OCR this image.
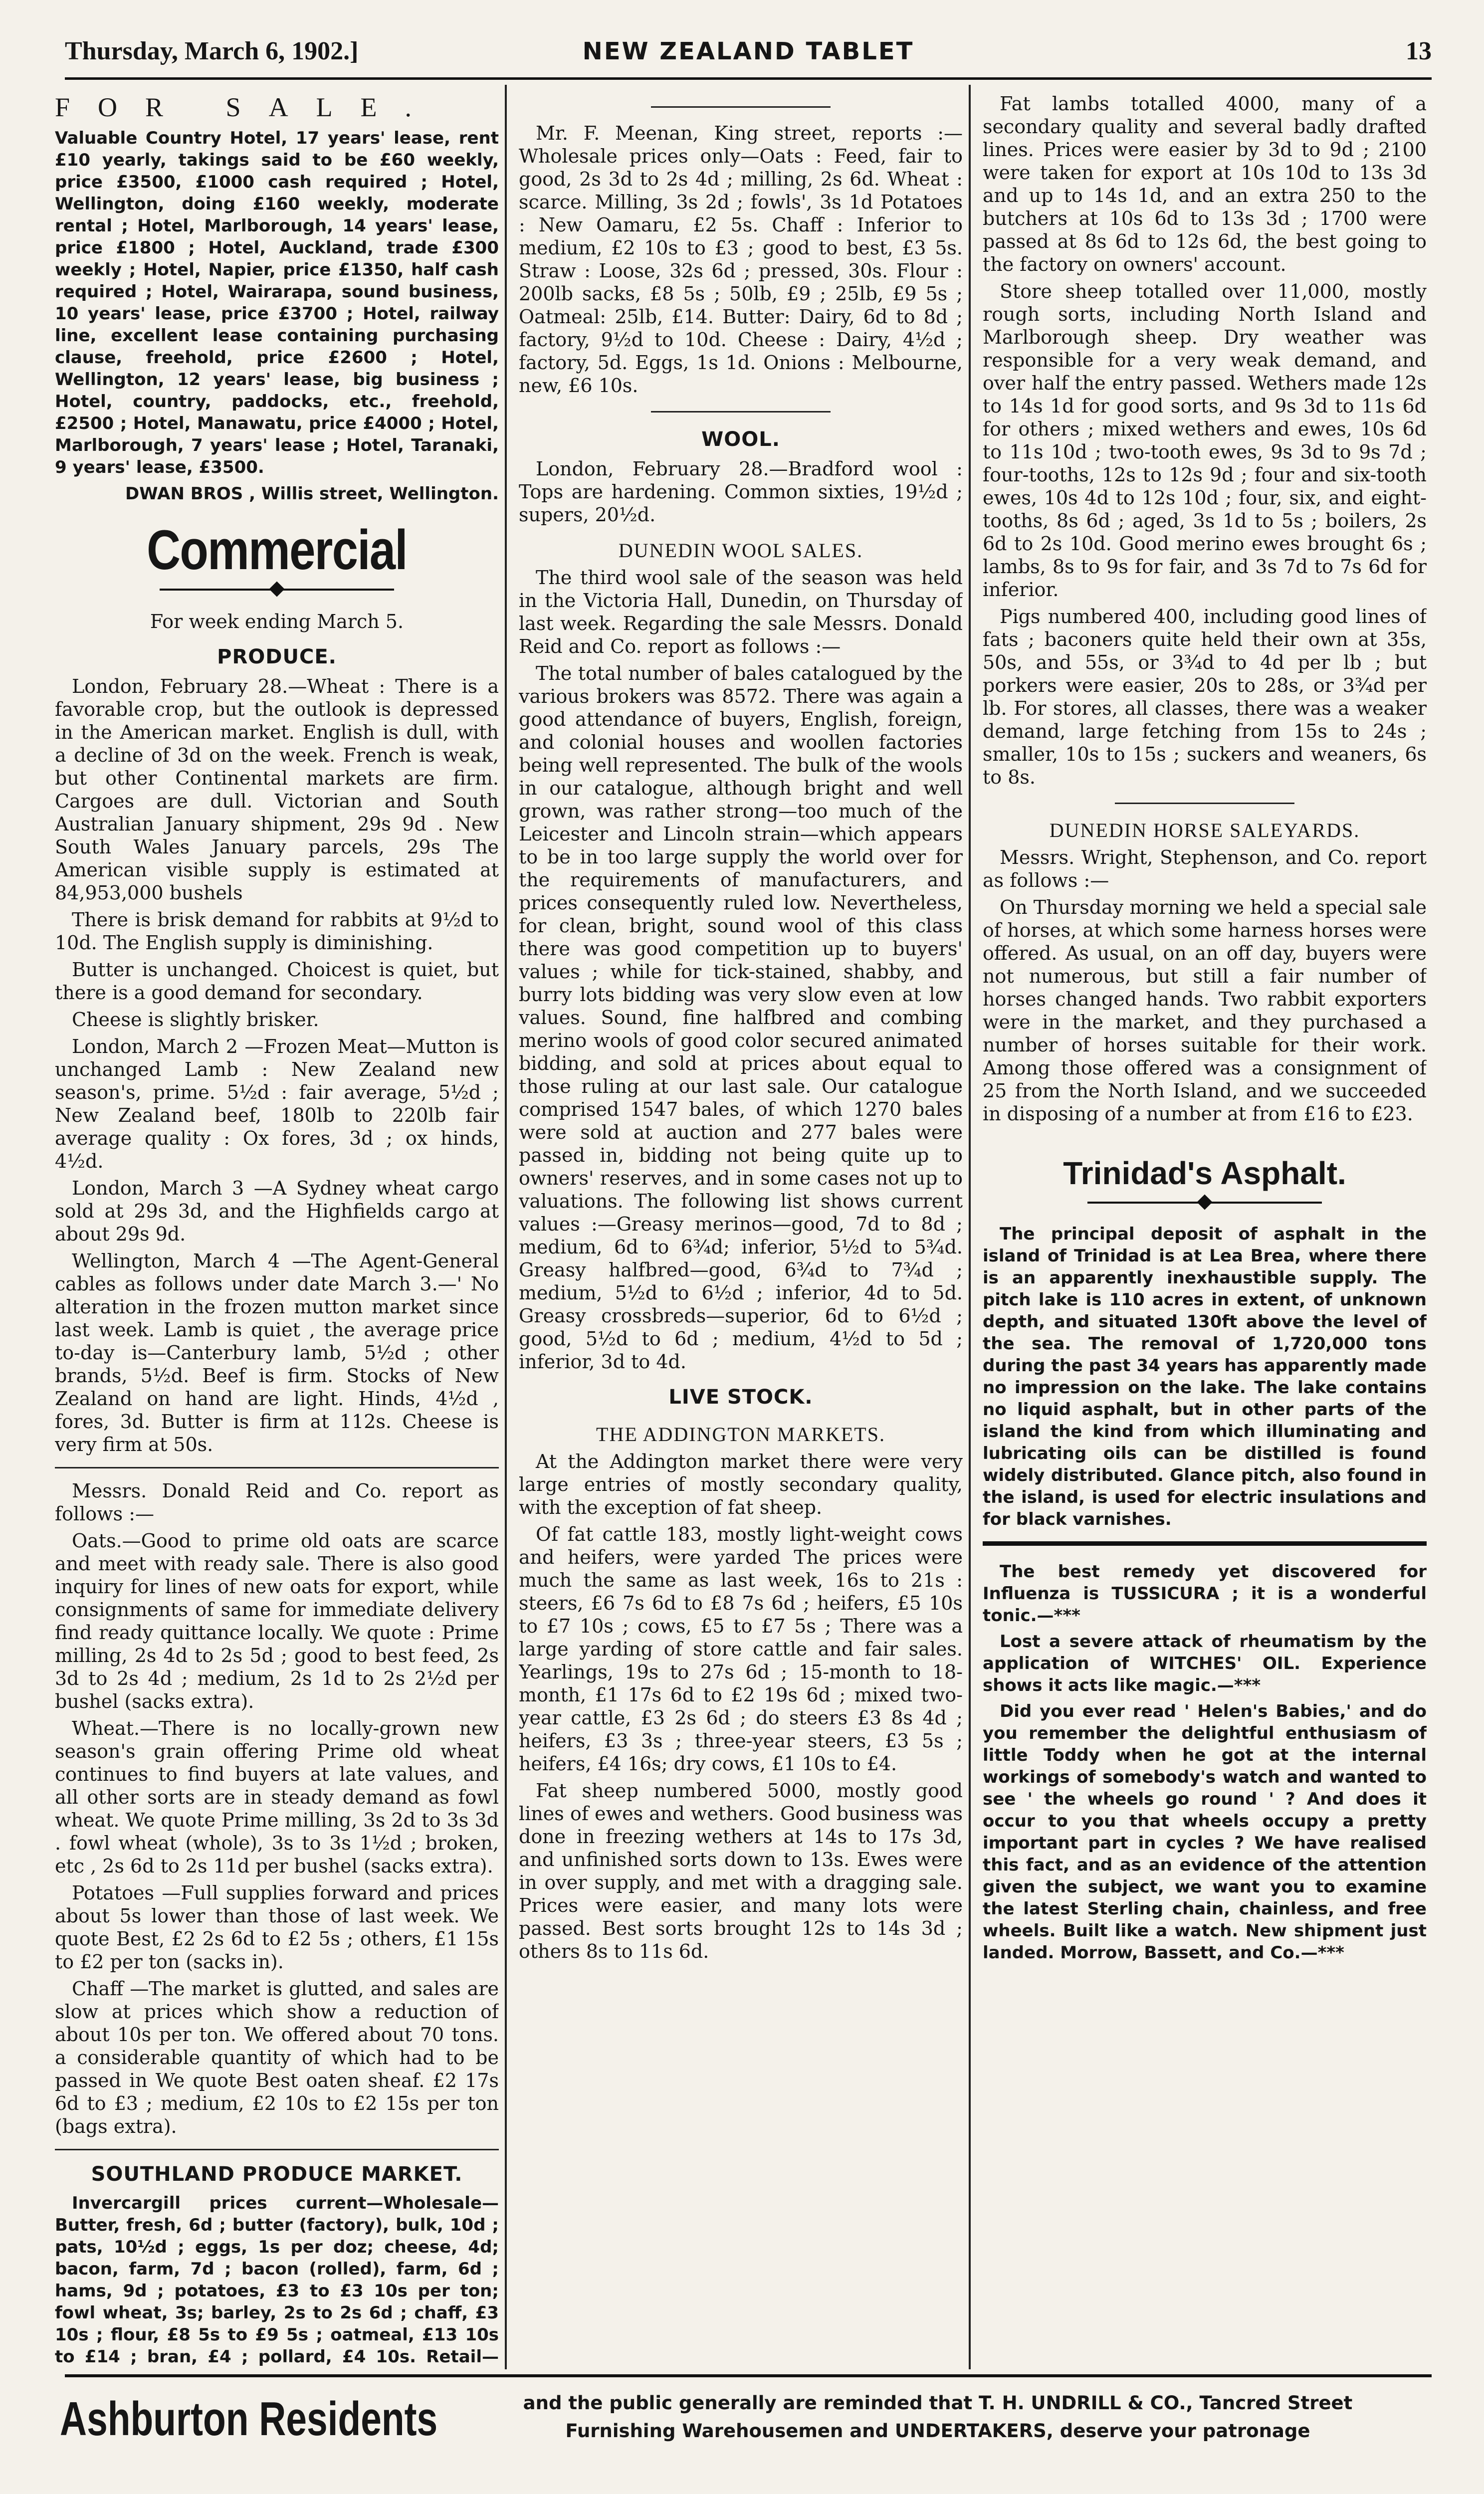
Thursday, March 6, 1902.]	NEW ZEALAND TABLET	13

FOR SALE.

Valuable Country Hotel, 17 years' lease, rent £10 yearly, takings said to be £60 weekly, price £3500, £1000 cash required ; Hotel, Wellington, doing £160 weekly, moderate rental ; Hotel, Marlborough, 14 years' lease, price £1800 ; Hotel, Auckland, trade £300 weekly ; Hotel, Napier, price £1350, half cash required ; Hotel, Wairarapa, sound business, 10 years' lease, price £3700 ; Hotel, railway line, excellent lease containing purchasing clause, freehold, price £2600 ; Hotel, Wellington, 12 years' lease, big business ; Hotel, country, paddocks, etc., freehold, £2500 ; Hotel, Manawatu, price £4000 ; Hotel, Marlborough, 7 years' lease ; Hotel, Taranaki, 9 years' lease, £3500.

DWAN BROS , Willis street, Wellington.

Commercial

For week ending March 5.

PRODUCE.

London, February 28.—Wheat : There is a favorable crop, but the outlook is depressed in the American market. English is dull, with a decline of 3d on the week. French is weak, but other Continental markets are firm. Cargoes are dull. Victorian and South Australian January shipment, 29s 9d . New South Wales January parcels, 29s The American visible supply is estimated at 84,953,000 bushels

There is brisk demand for rabbits at 9½d to 10d. The English supply is diminishing.

Butter is unchanged. Choicest is quiet, but there is a good demand for secondary.

Cheese is slightly brisker.

London, March 2 —Frozen Meat—Mutton is unchanged Lamb : New Zealand new season's, prime. 5½d : fair average, 5½d ; New Zealand beef, 180lb to 220lb fair average quality : Ox fores, 3d ; ox hinds, 4½d.

London, March 3 —A Sydney wheat cargo sold at 29s 3d, and the Highfields cargo at about 29s 9d.

Wellington, March 4 —The Agent-General cables as follows under date March 3.—' No alteration in the frozen mutton market since last week. Lamb is quiet , the average price to-day is—Canterbury lamb, 5½d ; other brands, 5½d. Beef is firm. Stocks of New Zealand on hand are light. Hinds, 4½d , fores, 3d. Butter is firm at 112s. Cheese is very firm at 50s.

Messrs. Donald Reid and Co. report as follows :—

Oats.—Good to prime old oats are scarce and meet with ready sale. There is also good inquiry for lines of new oats for export, while consignments of same for immediate delivery find ready quittance locally. We quote : Prime milling, 2s 4d to 2s 5d ; good to best feed, 2s 3d to 2s 4d ; medium, 2s 1d to 2s 2½d per bushel (sacks extra).

Wheat.—There is no locally-grown new season's grain offering Prime old wheat continues to find buyers at late values, and all other sorts are in steady demand as fowl wheat. We quote Prime milling, 3s 2d to 3s 3d . fowl wheat (whole), 3s to 3s 1½d ; broken, etc , 2s 6d to 2s 11d per bushel (sacks extra).

Potatoes —Full supplies forward and prices about 5s lower than those of last week. We quote Best, £2 2s 6d to £2 5s ; others, £1 15s to £2 per ton (sacks in).

Chaff —The market is glutted, and sales are slow at prices which show a reduction of about 10s per ton. We offered about 70 tons. a considerable quantity of which had to be passed in We quote Best oaten sheaf. £2 17s 6d to £3 ; medium, £2 10s to £2 15s per ton (bags extra).

SOUTHLAND PRODUCE MARKET.

Invercargill prices current—Wholesale—Butter, fresh, 6d ; butter (factory), bulk, 10d ; pats, 10½d ; eggs, 1s per doz; cheese, 4d; bacon, farm, 7d ; bacon (rolled), farm, 6d ; hams, 9d ; potatoes, £3 to £3 10s per ton; fowl wheat, 3s; barley, 2s to 2s 6d ; chaff, £3 10s ; flour, £8 5s to £9 5s ; oatmeal, £13 10s to £14 ; bran, £4 ; pollard, £4 10s. Retail—

Mr. F. Meenan, King street, reports :—Wholesale prices only—Oats : Feed, fair to good, 2s 3d to 2s 4d ; milling, 2s 6d. Wheat : scarce. Milling, 3s 2d ; fowls', 3s 1d Potatoes : New Oamaru, £2 5s. Chaff : Inferior to medium, £2 10s to £3 ; good to best, £3 5s. Straw : Loose, 32s 6d ; pressed, 30s. Flour : 200lb sacks, £8 5s ; 50lb, £9 ; 25lb, £9 5s ; Oatmeal: 25lb, £14. Butter: Dairy, 6d to 8d ; factory, 9½d to 10d. Cheese : Dairy, 4½d ; factory, 5d. Eggs, 1s 1d. Onions : Melbourne, new, £6 10s.

WOOL.

London, February 28.—Bradford wool : Tops are hardening. Common sixties, 19½d ; supers, 20½d.

DUNEDIN WOOL SALES.

The third wool sale of the season was held in the Victoria Hall, Dunedin, on Thursday of last week. Regarding the sale Messrs. Donald Reid and Co. report as follows :—

The total number of bales catalogued by the various brokers was 8572. There was again a good attendance of buyers, English, foreign, and colonial houses and woollen factories being well represented. The bulk of the wools in our catalogue, although bright and well grown, was rather strong—too much of the Leicester and Lincoln strain—which appears to be in too large supply the world over for the requirements of manufacturers, and prices consequently ruled low. Nevertheless, for clean, bright, sound wool of this class there was good competition up to buyers' values ; while for tick-stained, shabby, and burry lots bidding was very slow even at low values. Sound, fine halfbred and combing merino wools of good color secured animated bidding, and sold at prices about equal to those ruling at our last sale. Our catalogue comprised 1547 bales, of which 1270 bales were sold at auction and 277 bales were passed in, bidding not being quite up to owners' reserves, and in some cases not up to valuations. The following list shows current values :—Greasy merinos—good, 7d to 8d ; medium, 6d to 6¾d; inferior, 5½d to 5¾d. Greasy halfbred—good, 6¾d to 7¾d ; medium, 5½d to 6½d ; inferior, 4d to 5d. Greasy crossbreds—superior, 6d to 6½d ; good, 5½d to 6d ; medium, 4½d to 5d ; inferior, 3d to 4d.

LIVE STOCK.
THE ADDINGTON MARKETS.

At the Addington market there were very large entries of mostly secondary quality, with the exception of fat sheep.

Of fat cattle 183, mostly light-weight cows and heifers, were yarded The prices were much the same as last week, 16s to 21s : steers, £6 7s 6d to £8 7s 6d ; heifers, £5 10s to £7 10s ; cows, £5 to £7 5s ; There was a large yarding of store cattle and fair sales. Yearlings, 19s to 27s 6d ; 15-month to 18-month, £1 17s 6d to £2 19s 6d ; mixed two-year cattle, £3 2s 6d ; do steers £3 8s 4d ; heifers, £3 3s ; three-year steers, £3 5s ; heifers, £4 16s; dry cows, £1 10s to £4.

Fat sheep numbered 5000, mostly good lines of ewes and wethers. Good business was done in freezing wethers at 14s to 17s 3d, and unfinished sorts down to 13s. Ewes were in over supply, and met with a dragging sale. Prices were easier, and many lots were passed. Best sorts brought 12s to 14s 3d ; others 8s to 11s 6d.

Fat lambs totalled 4000, many of a secondary quality and several badly drafted lines. Prices were easier by 3d to 9d ; 2100 were taken for export at 10s 10d to 13s 3d and up to 14s 1d, and an extra 250 to the butchers at 10s 6d to 13s 3d ; 1700 were passed at 8s 6d to 12s 6d, the best going to the factory on owners' account.

Store sheep totalled over 11,000, mostly rough sorts, including North Island and Marlborough sheep. Dry weather was responsible for a very weak demand, and over half the entry passed. Wethers made 12s to 14s 1d for good sorts, and 9s 3d to 11s 6d for others ; mixed wethers and ewes, 10s 6d to 11s 10d ; two-tooth ewes, 9s 3d to 9s 7d ; four-tooths, 12s to 12s 9d ; four and six-tooth ewes, 10s 4d to 12s 10d ; four, six, and eight-tooths, 8s 6d ; aged, 3s 1d to 5s ; boilers, 2s 6d to 2s 10d. Good merino ewes brought 6s ; lambs, 8s to 9s for fair, and 3s 7d to 7s 6d for inferior.

Pigs numbered 400, including good lines of fats ; baconers quite held their own at 35s, 50s, and 55s, or 3¾d to 4d per lb ; but porkers were easier, 20s to 28s, or 3¾d per lb. For stores, all classes, there was a weaker demand, large fetching from 15s to 24s ; smaller, 10s to 15s ; suckers and weaners, 6s to 8s.

DUNEDIN HORSE SALEYARDS.

Messrs. Wright, Stephenson, and Co. report as follows :—

On Thursday morning we held a special sale of horses, at which some harness horses were offered. As usual, on an off day, buyers were not numerous, but still a fair number of horses changed hands. Two rabbit exporters were in the market, and they purchased a number of horses suitable for their work. Among those offered was a consignment of 25 from the North Island, and we succeeded in disposing of a number at from £16 to £23.

Trinidad's Asphalt.

The principal deposit of asphalt in the island of Trinidad is at Lea Brea, where there is an apparently inexhaustible supply. The pitch lake is 110 acres in extent, of unknown depth, and situated 130ft above the level of the sea. The removal of 1,720,000 tons during the past 34 years has apparently made no impression on the lake. The lake contains no liquid asphalt, but in other parts of the island the kind from which illuminating and lubricating oils can be distilled is found widely distributed. Glance pitch, also found in the island, is used for electric insulations and for black varnishes.

The best remedy yet discovered for Influenza is TUSSICURA ; it is a wonderful tonic.—***

Lost a severe attack of rheumatism by the application of WITCHES' OIL. Experience shows it acts like magic.—***

Did you ever read ' Helen's Babies,' and do you remember the delightful enthusiasm of little Toddy when he got at the internal workings of somebody's watch and wanted to see ' the wheels go round ' ? And does it occur to you that wheels occupy a pretty important part in cycles ? We have realised this fact, and as an evidence of the attention given the subject, we want you to examine the latest Sterling chain, chainless, and free wheels. Built like a watch. New shipment just landed. Morrow, Bassett, and Co.—***

Ashburton Residents	and the public generally are reminded that T. H. UNDRILL & CO., Tancred Street
Furnishing Warehousemen and UNDERTAKERS, deserve your patronage
